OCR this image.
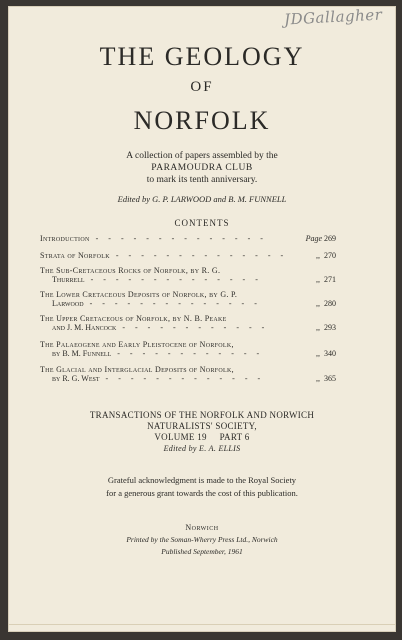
JDGallagher
THE GEOLOGY
OF
NORFOLK
A collection of papers assembled by the
PARAMOUDRA CLUB
to mark its tenth anniversary.
Edited by G. P. LARWOOD and B. M. FUNNELL
CONTENTS
Introduction - - - - - - - - - - - - - -	Page 269
Strata of Norfolk - - - - - - - - - - - - - -	,, 270
The Sub-Cretaceous Rocks of Norfolk, by R. G.
Thurrell - - - - - - - - - - - - - -	,, 271
The Lower Cretaceous Deposits of Norfolk, by G. P.
Larwood - - - - - - - - - - - - - -	,, 280
The Upper Cretaceous of Norfolk, by N. B. Peake
and J. M. Hancock - - - - - - - - - - - -	,, 293
The Palaeogene and Early Pleistocene of Norfolk,
by B. M. Funnell - - - - - - - - - - - -	,, 340
The Glacial and Interglacial Deposits of Norfolk,
by R. G. West - - - - - - - - - - - - -	,, 365
TRANSACTIONS OF THE NORFOLK AND NORWICH
NATURALISTS' SOCIETY,
VOLUME 19     PART 6
Edited by E. A. ELLIS
Grateful acknowledgment is made to the Royal Society
for a generous grant towards the cost of this publication.
Norwich
Printed by the Soman-Wherry Press Ltd., Norwich
Published September, 1961
